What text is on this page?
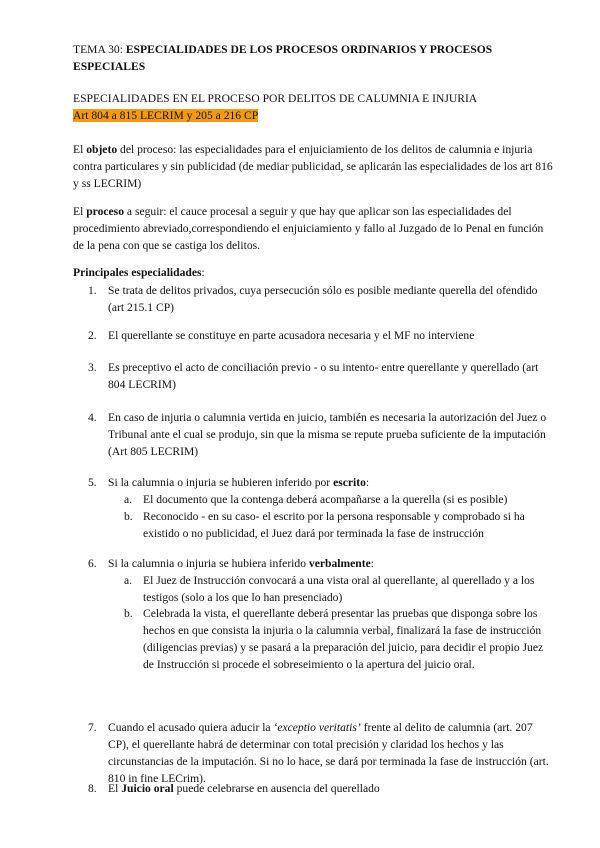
TEMA 30: ESPECIALIDADES DE LOS PROCESOS ORDINARIOS Y PROCESOS ESPECIALES
ESPECIALIDADES EN EL PROCESO POR DELITOS DE CALUMNIA E INJURIA
Art 804 a 815 LECRIM y 205 a 216 CP

El objeto del proceso: las especialidades para el enjuiciamiento de los delitos de calumnia e injuria contra particulares y sin publicidad (de mediar publicidad, se aplicarán las especialidades de los art 816 y ss LECRIM)

El proceso a seguir: el cauce procesal a seguir y que hay que aplicar son las especialidades del procedimiento abreviado,correspondiendo el enjuiciamiento y fallo al Juzgado de lo Penal en función de la pena con que se castiga los delitos.

Principales especialidades:
1. Se trata de delitos privados, cuya persecución sólo es posible mediante querella del ofendido (art 215.1 CP)
2. El querellante se constituye en parte acusadora necesaria y el MF no interviene
3. Es preceptivo el acto de conciliación previo - o su intento- entre querellante y querellado (art 804 LECRIM)
4. En caso de injuria o calumnia vertida en juicio, también es necesaria la autorización del Juez o Tribunal ante el cual se produjo, sin que la misma se repute prueba suficiente de la imputación (Art 805 LECRIM)
5. Si la calumnia o injuria se hubieren inferido por escrito:
a. El documento que la contenga deberá acompañarse a la querella (si es posible)
b. Reconocido - en su caso- el escrito por la persona responsable y comprobado si ha existido o no publicidad, el Juez dará por terminada la fase de instrucción
6. Si la calumnia o injuria se hubiera inferido verbalmente:
a. El Juez de Instrucción convocará a una vista oral al querellante, al querellado y a los testigos (solo a los que lo han presenciado)
b. Celebrada la vista, el querellante deberá presentar las pruebas que disponga sobre los hechos en que consista la injuria o la calumnia verbal, finalizará la fase de instrucción (diligencias previas) y se pasará a la preparación del juicio, para decidir el propio Juez de Instrucción si procede el sobreseimiento o la apertura del juicio oral.
7. Cuando el acusado quiera aducir la ‘exceptio veritatis’ frente al delito de calumnia (art. 207 CP), el querellante habrá de determinar con total precisión y claridad los hechos y las circunstancias de la imputación. Si no lo hace, se dará por terminada la fase de instrucción (art. 810 in fine LECrim).
8. El Juicio oral puede celebrarse en ausencia del querellado
